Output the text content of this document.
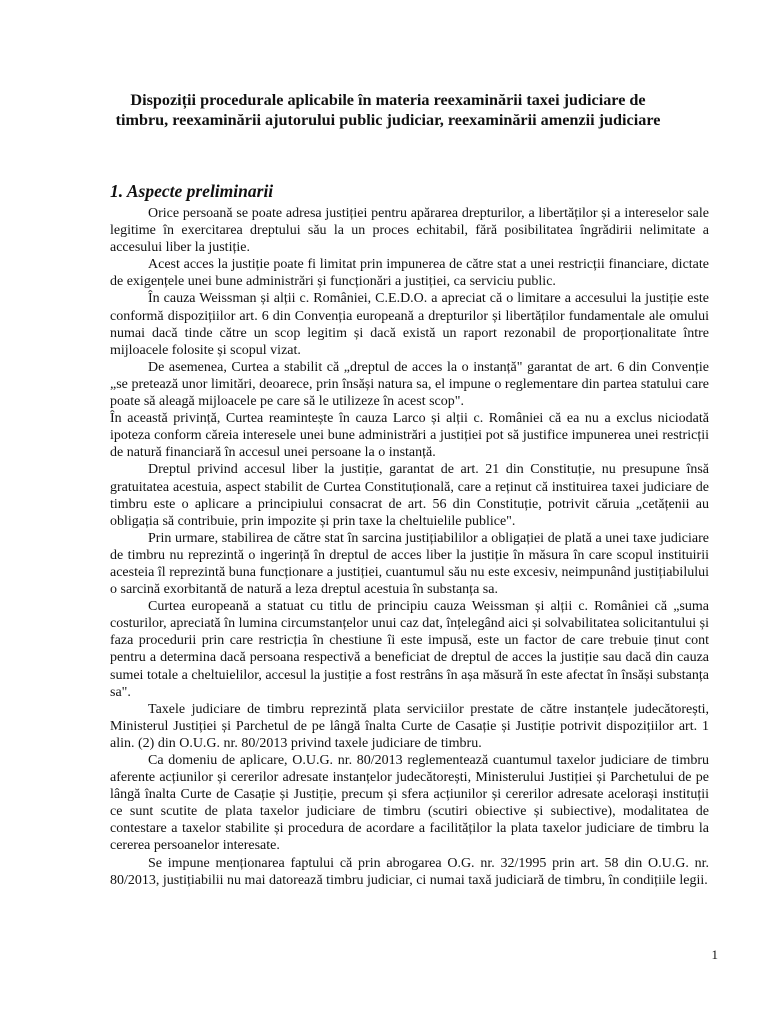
Dispoziții procedurale aplicabile în materia reexaminării taxei judiciare de timbru, reexaminării ajutorului public judiciar, reexaminării amenzii judiciare
1. Aspecte preliminarii

Orice persoană se poate adresa justiției pentru apărarea drepturilor, a libertăților și a intereselor sale legitime în exercitarea dreptului său la un proces echitabil, fără posibilitatea îngrădirii nelimitate a accesului liber la justiție.

Acest acces la justiție poate fi limitat prin impunerea de către stat a unei restricții financiare, dictate de exigențele unei bune administrări și funcționări a justiției, ca serviciu public.

În cauza Weissman și alții c. României, C.E.D.O. a apreciat că o limitare a accesului la justiție este conformă dispozițiilor art. 6 din Convenția europeană a drepturilor și libertăților fundamentale ale omului numai dacă tinde către un scop legitim și dacă există un raport rezonabil de proporționalitate între mijloacele folosite și scopul vizat.

De asemenea, Curtea a stabilit că „dreptul de acces la o instanță" garantat de art. 6 din Convenție „se pretează unor limitări, deoarece, prin însăși natura sa, el impune o reglementare din partea statului care poate să aleagă mijloacele pe care să le utilizeze în acest scop".

În această privință, Curtea reamintește în cauza Larco și alții c. României că ea nu a exclus niciodată ipoteza conform căreia interesele unei bune administrări a justiției pot să justifice impunerea unei restricții de natură financiară în accesul unei persoane la o instanță.

Dreptul privind accesul liber la justiție, garantat de art. 21 din Constituție, nu presupune însă gratuitatea acestuia, aspect stabilit de Curtea Constituțională, care a reținut că instituirea taxei judiciare de timbru este o aplicare a principiului consacrat de art. 56 din Constituție, potrivit căruia „cetățenii au obligația să contribuie, prin impozite și prin taxe la cheltuielile publice".

Prin urmare, stabilirea de către stat în sarcina justițiabililor a obligației de plată a unei taxe judiciare de timbru nu reprezintă o ingerință în dreptul de acces liber la justiție în măsura în care scopul instituirii acesteia îl reprezintă buna funcționare a justiției, cuantumul său nu este excesiv, neimpunând justițiabilului o sarcină exorbitantă de natură a leza dreptul acestuia în substanța sa.

Curtea europeană a statuat cu titlu de principiu cauza Weissman și alții c. României că „suma costurilor, apreciată în lumina circumstanțelor unui caz dat, înțelegând aici și solvabilitatea solicitantului și faza procedurii prin care restricția în chestiune îi este impusă, este un factor de care trebuie ținut cont pentru a determina dacă persoana respectivă a beneficiat de dreptul de acces la justiție sau dacă din cauza sumei totale a cheltuielilor, accesul la justiție a fost restrâns în așa măsură în este afectat în însăși substanța sa".

Taxele judiciare de timbru reprezintă plata serviciilor prestate de către instanțele judecătorești, Ministerul Justiției și Parchetul de pe lângă înalta Curte de Casație și Justiție potrivit dispozițiilor art. 1 alin. (2) din O.U.G. nr. 80/2013 privind taxele judiciare de timbru.

Ca domeniu de aplicare, O.U.G. nr. 80/2013 reglementează cuantumul taxelor judiciare de timbru aferente acțiunilor și cererilor adresate instanțelor judecătorești, Ministerului Justiției și Parchetului de pe lângă înalta Curte de Casație și Justiție, precum și sfera acțiunilor și cererilor adresate acelorași instituții ce sunt scutite de plata taxelor judiciare de timbru (scutiri obiective și subiective), modalitatea de contestare a taxelor stabilite și procedura de acordare a facilităților la plata taxelor judiciare de timbru la cererea persoanelor interesate.

Se impune menționarea faptului că prin abrogarea O.G. nr. 32/1995 prin art. 58 din O.U.G. nr. 80/2013, justițiabilii nu mai datorează timbru judiciar, ci numai taxă judiciară de timbru, în condițiile legii.

1
